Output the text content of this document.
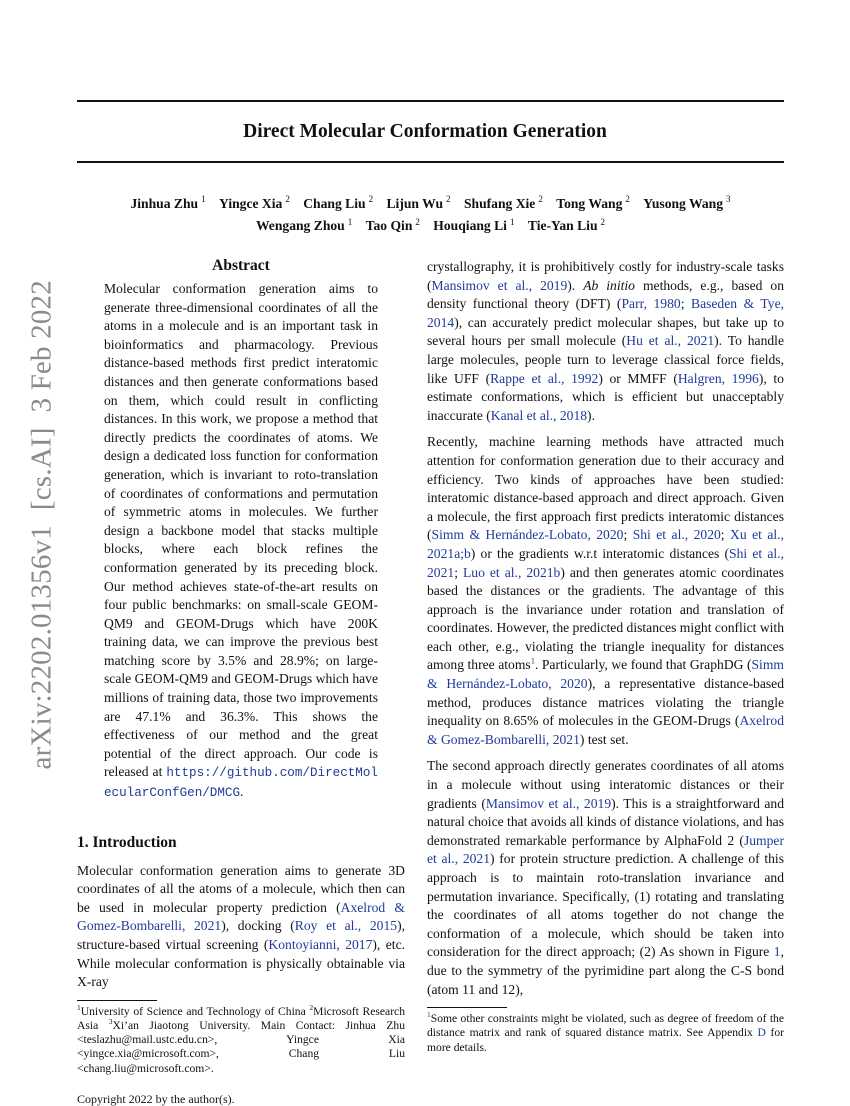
Direct Molecular Conformation Generation
Jinhua Zhu $^1$ Yingce Xia $^2$ Chang Liu $^2$ Lijun Wu $^2$ Shufang Xie $^2$ Tong Wang $^2$ Yusong Wang $^3$
Wengang Zhou $^1$ Tao Qin $^2$ Houqiang Li $^1$ Tie-Yan Liu $^2$
arXiv:2202.01356v1  [cs.AI]  3 Feb 2022
Abstract
Molecular conformation generation aims to generate three-dimensional coordinates of all the atoms in a molecule and is an important task in bioinformatics and pharmacology. Previous distance-based methods first predict interatomic distances and then generate conformations based on them, which could result in conflicting distances. In this work, we propose a method that directly predicts the coordinates of atoms. We design a dedicated loss function for conformation generation, which is invariant to roto-translation of coordinates of conformations and permutation of symmetric atoms in molecules. We further design a backbone model that stacks multiple blocks, where each block refines the conformation generated by its preceding block. Our method achieves state-of-the-art results on four public benchmarks: on small-scale GEOM-QM9 and GEOM-Drugs which have 200K training data, we can improve the previous best matching score by 3.5% and 28.9%; on large-scale GEOM-QM9 and GEOM-Drugs which have millions of training data, those two improvements are 47.1% and 36.3%. This shows the effectiveness of our method and the great potential of the direct approach. Our code is released at https://github.com/DirectMolecularConfGen/DMCG.
1. Introduction
Molecular conformation generation aims to generate 3D coordinates of all the atoms of a molecule, which then can be used in molecular property prediction (Axelrod & Gomez-Bombarelli, 2021), docking (Roy et al., 2015), structure-based virtual screening (Kontoyianni, 2017), etc. While molecular conformation is physically obtainable via X-ray
$^1$University of Science and Technology of China $^2$Microsoft Research Asia $^3$Xi’an Jiaotong University. Main Contact: Jinhua Zhu <teslazhu@mail.ustc.edu.cn>, Yingce Xia <yingce.xia@microsoft.com>, Chang Liu <chang.liu@microsoft.com>.
Copyright 2022 by the author(s).
crystallography, it is prohibitively costly for industry-scale tasks (Mansimov et al., 2019). Ab initio methods, e.g., based on density functional theory (DFT) (Parr, 1980; Baseden & Tye, 2014), can accurately predict molecular shapes, but take up to several hours per small molecule (Hu et al., 2021). To handle large molecules, people turn to leverage classical force fields, like UFF (Rappe et al., 1992) or MMFF (Halgren, 1996), to estimate conformations, which is efficient but unacceptably inaccurate (Kanal et al., 2018).
Recently, machine learning methods have attracted much attention for conformation generation due to their accuracy and efficiency. Two kinds of approaches have been studied: interatomic distance-based approach and direct approach. Given a molecule, the first approach first predicts interatomic distances (Simm & Hernández-Lobato, 2020; Shi et al., 2020; Xu et al., 2021a;b) or the gradients w.r.t interatomic distances (Shi et al., 2021; Luo et al., 2021b) and then generates atomic coordinates based the distances or the gradients. The advantage of this approach is the invariance under rotation and translation of coordinates. However, the predicted distances might conflict with each other, e.g., violating the triangle inequality for distances among three atoms$^1$. Particularly, we found that GraphDG (Simm & Hernández-Lobato, 2020), a representative distance-based method, produces distance matrices violating the triangle inequality on 8.65% of molecules in the GEOM-Drugs (Axelrod & Gomez-Bombarelli, 2021) test set.
The second approach directly generates coordinates of all atoms in a molecule without using interatomic distances or their gradients (Mansimov et al., 2019). This is a straightforward and natural choice that avoids all kinds of distance violations, and has demonstrated remarkable performance by AlphaFold 2 (Jumper et al., 2021) for protein structure prediction. A challenge of this approach is to maintain roto-translation invariance and permutation invariance. Specifically, (1) rotating and translating the coordinates of all atoms together do not change the conformation of a molecule, which should be taken into consideration for the direct approach; (2) As shown in Figure 1, due to the symmetry of the pyrimidine part along the C-S bond (atom 11 and 12),
$^1$Some other constraints might be violated, such as degree of freedom of the distance matrix and rank of squared distance matrix. See Appendix D for more details.
